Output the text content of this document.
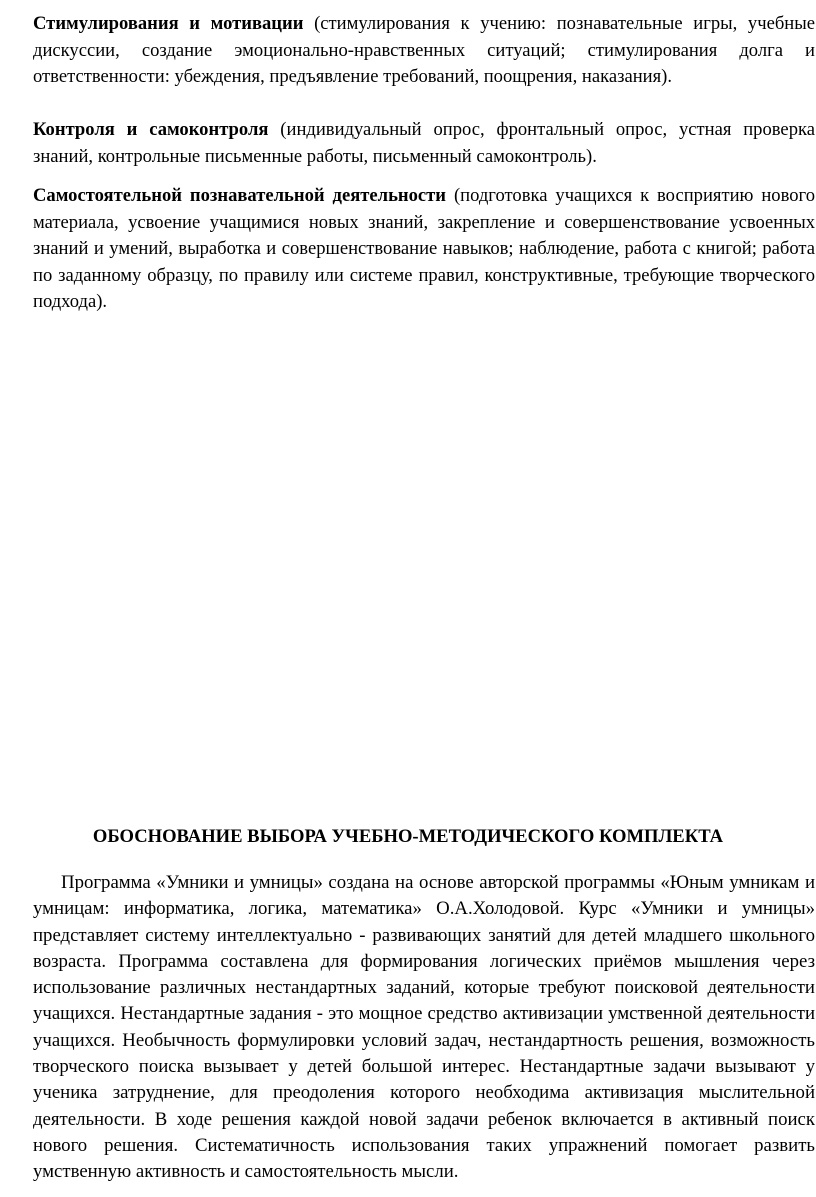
Стимулирования и мотивации (стимулирования к учению: познавательные игры, учебные дискуссии, создание эмоционально-нравственных ситуаций; стимулирования долга и ответственности: убеждения, предъявление требований, поощрения, наказания).

Контроля и самоконтроля (индивидуальный опрос, фронтальный опрос, устная проверка знаний, контрольные письменные работы, письменный самоконтроль).

Самостоятельной познавательной деятельности (подготовка учащихся к восприятию нового материала, усвоение учащимися новых знаний, закрепление и совершенствование усвоенных знаний и умений, выработка и совершенствование навыков; наблюдение, работа с книгой; работа по заданному образцу, по правилу или системе правил, конструктивные, требующие творческого подхода).

ОБОСНОВАНИЕ ВЫБОРА УЧЕБНО-МЕТОДИЧЕСКОГО КОМПЛЕКТА

Программа «Умники и умницы» создана на основе авторской программы «Юным умникам и умницам: информатика, логика, математика» О.А.Холодовой. Курс «Умники и умницы» представляет систему интеллектуально - развивающих занятий для детей младшего школьного возраста. Программа составлена для формирования логических приёмов мышления через использование различных нестандартных заданий, которые требуют поисковой деятельности учащихся. Нестандартные задания - это мощное средство активизации умственной деятельности учащихся. Необычность формулировки условий задач, нестандартность решения, возможность творческого поиска вызывает у детей большой интерес. Нестандартные задачи вызывают у ученика затруднение, для преодоления которого необходима активизация мыслительной деятельности. В ходе решения каждой новой задачи ребенок включается в активный поиск нового решения. Систематичность использования таких упражнений помогает развить умственную активность и самостоятельность мысли.
